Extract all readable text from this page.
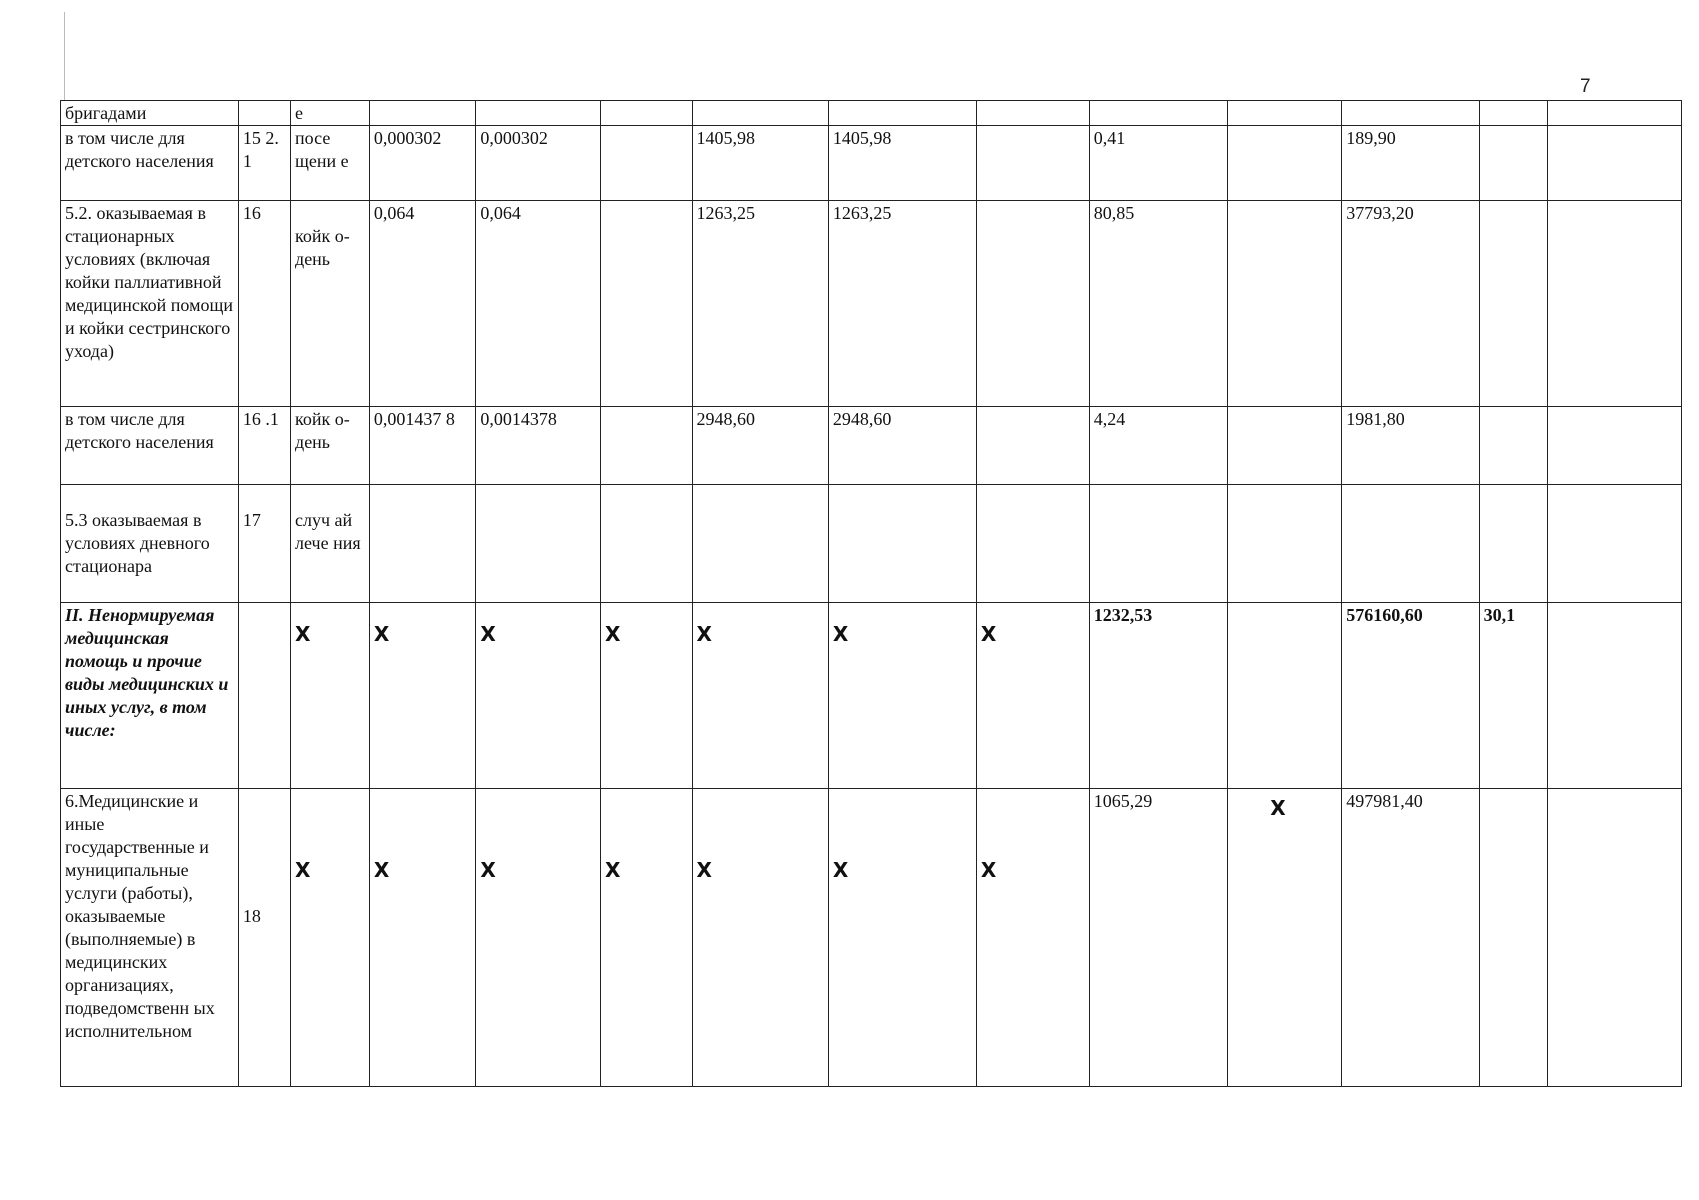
7
бригадами		е											
в том числе для детского населения	15 2. 1	посе щени е	0,000302	0,000302		1405,98	1405,98		0,41		189,90		
5.2. оказываемая в стационарных условиях (включая койки паллиативной медицинской помощи и койки сестринского ухода)	16	койк о- день	0,064	0,064		1263,25	1263,25		80,85		37793,20		
в том числе для детского населения	16 .1	койк о- день	0,001437 8	0,0014378		2948,60	2948,60		4,24		1981,80		
5.3 оказываемая в условиях дневного стационара	17	случ ай лече ния											
II. Ненормируемая медицинская помощь и прочие виды медицинских и иных услуг, в том числе:		X	X	X	X	X	X	X	1232,53		576160,60	30,1	
6.Медицинские и иные государственные и муниципальные услуги (работы), оказываемые (выполняемые) в медицинских организациях, подведомственн ых исполнительном	18	X	X	X	X	X	X	X	1065,29	X	497981,40		
